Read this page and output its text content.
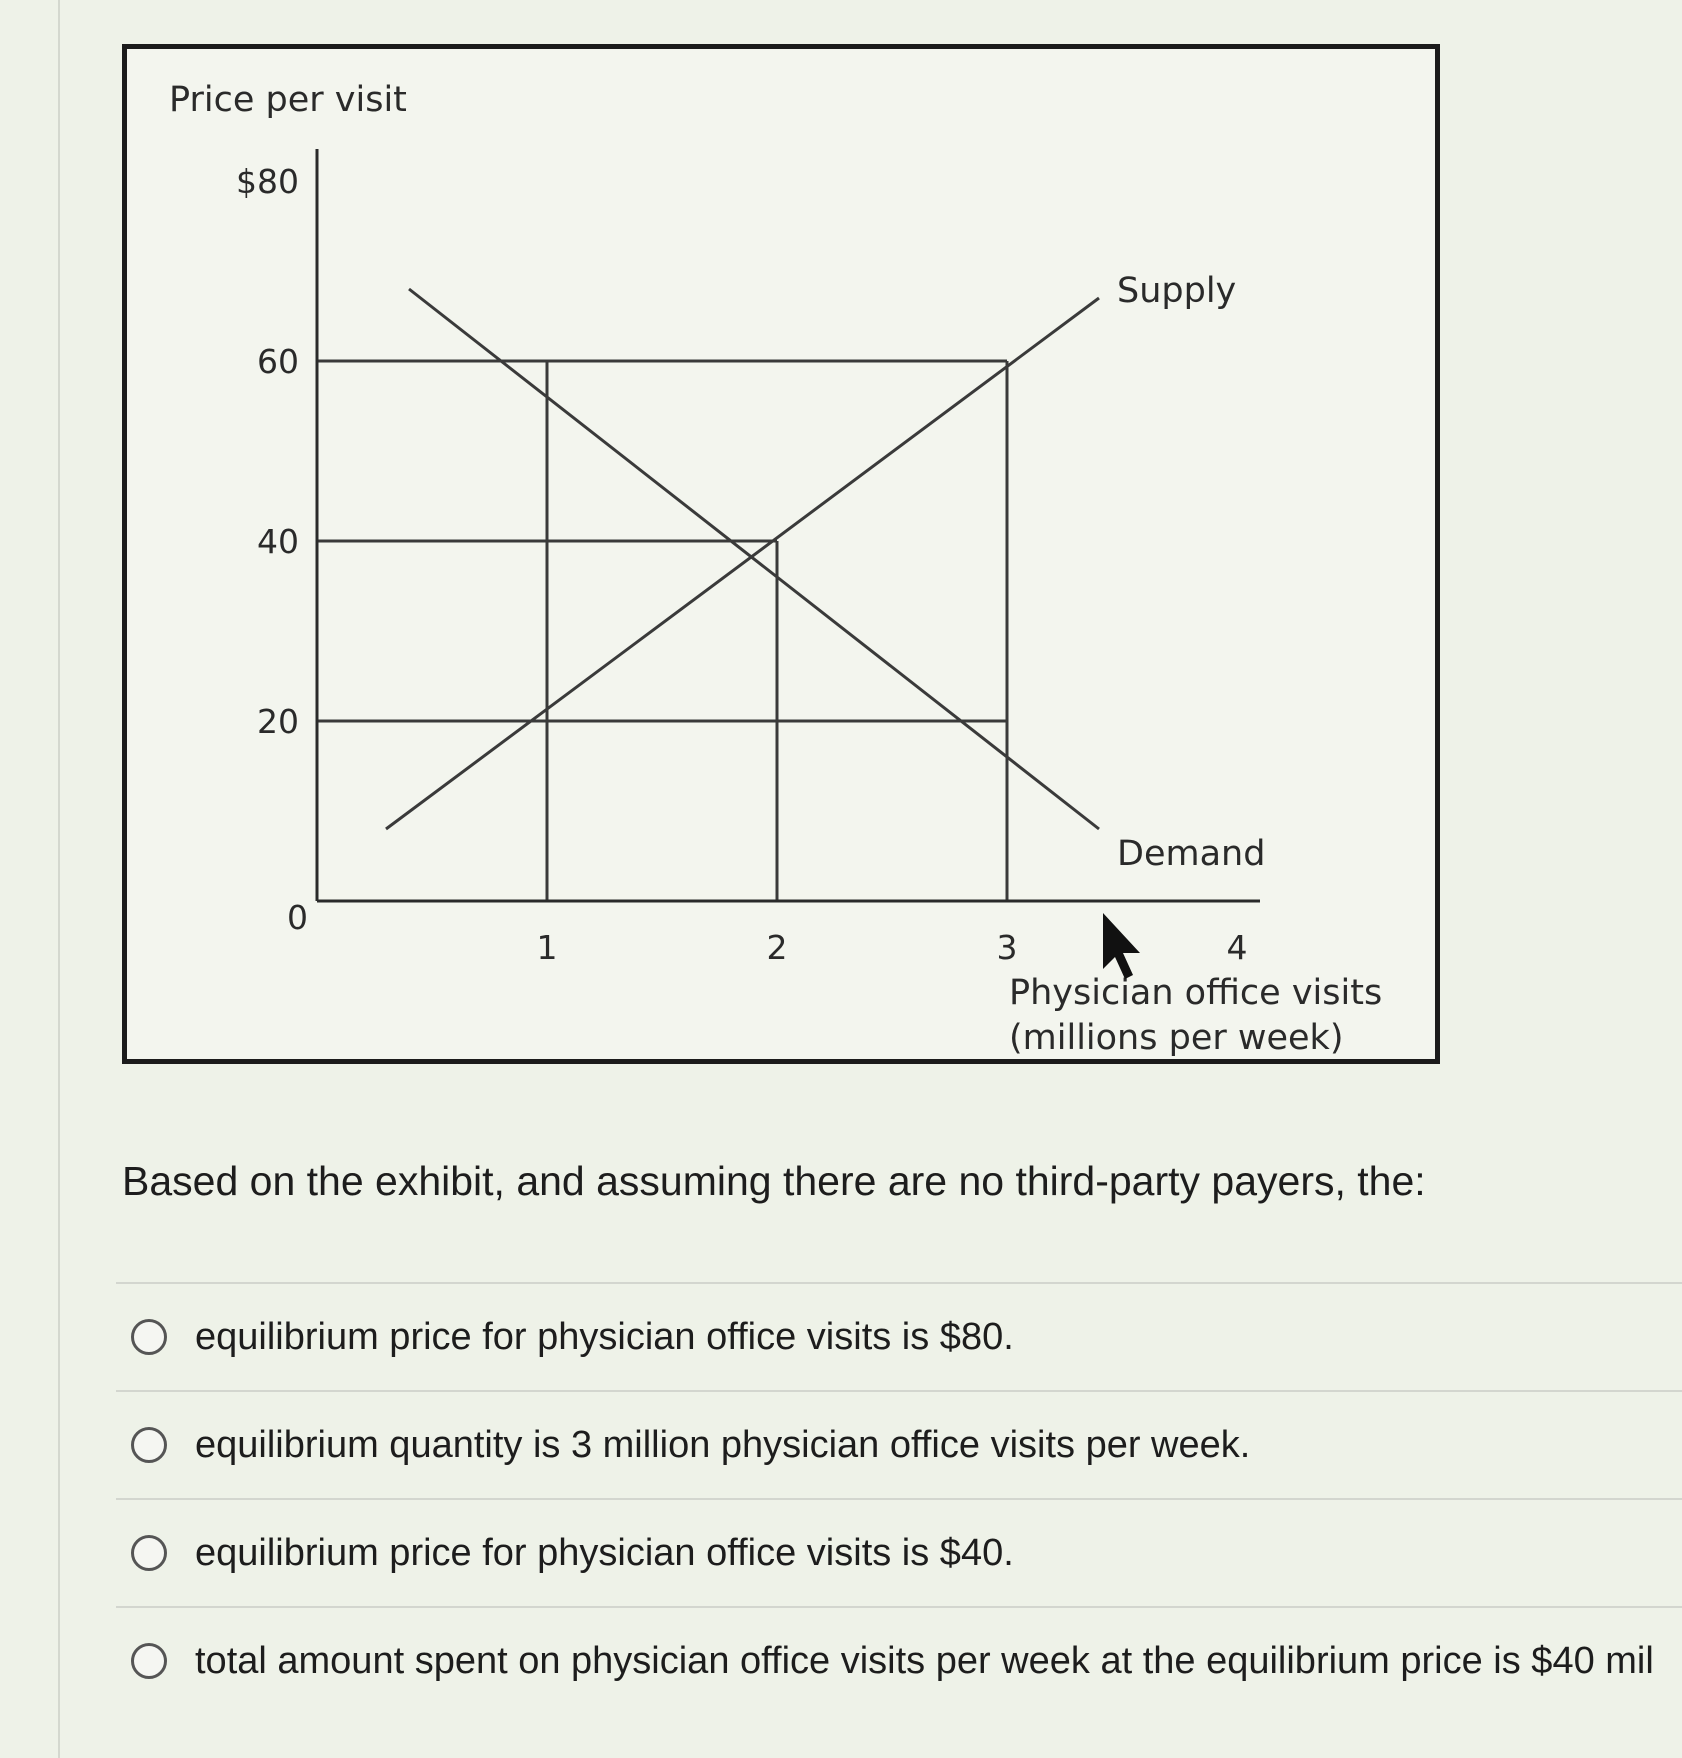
Price per visit
Physician office visits
(millions per week)
0
$80
60
40
20
1	2	3	4
Supply
Demand
Based on the exhibit, and assuming there are no third-party payers, the:
equilibrium price for physician office visits is $80.
equilibrium quantity is 3 million physician office visits per week.
equilibrium price for physician office visits is $40.
total amount spent on physician office visits per week at the equilibrium price is $40 mil
